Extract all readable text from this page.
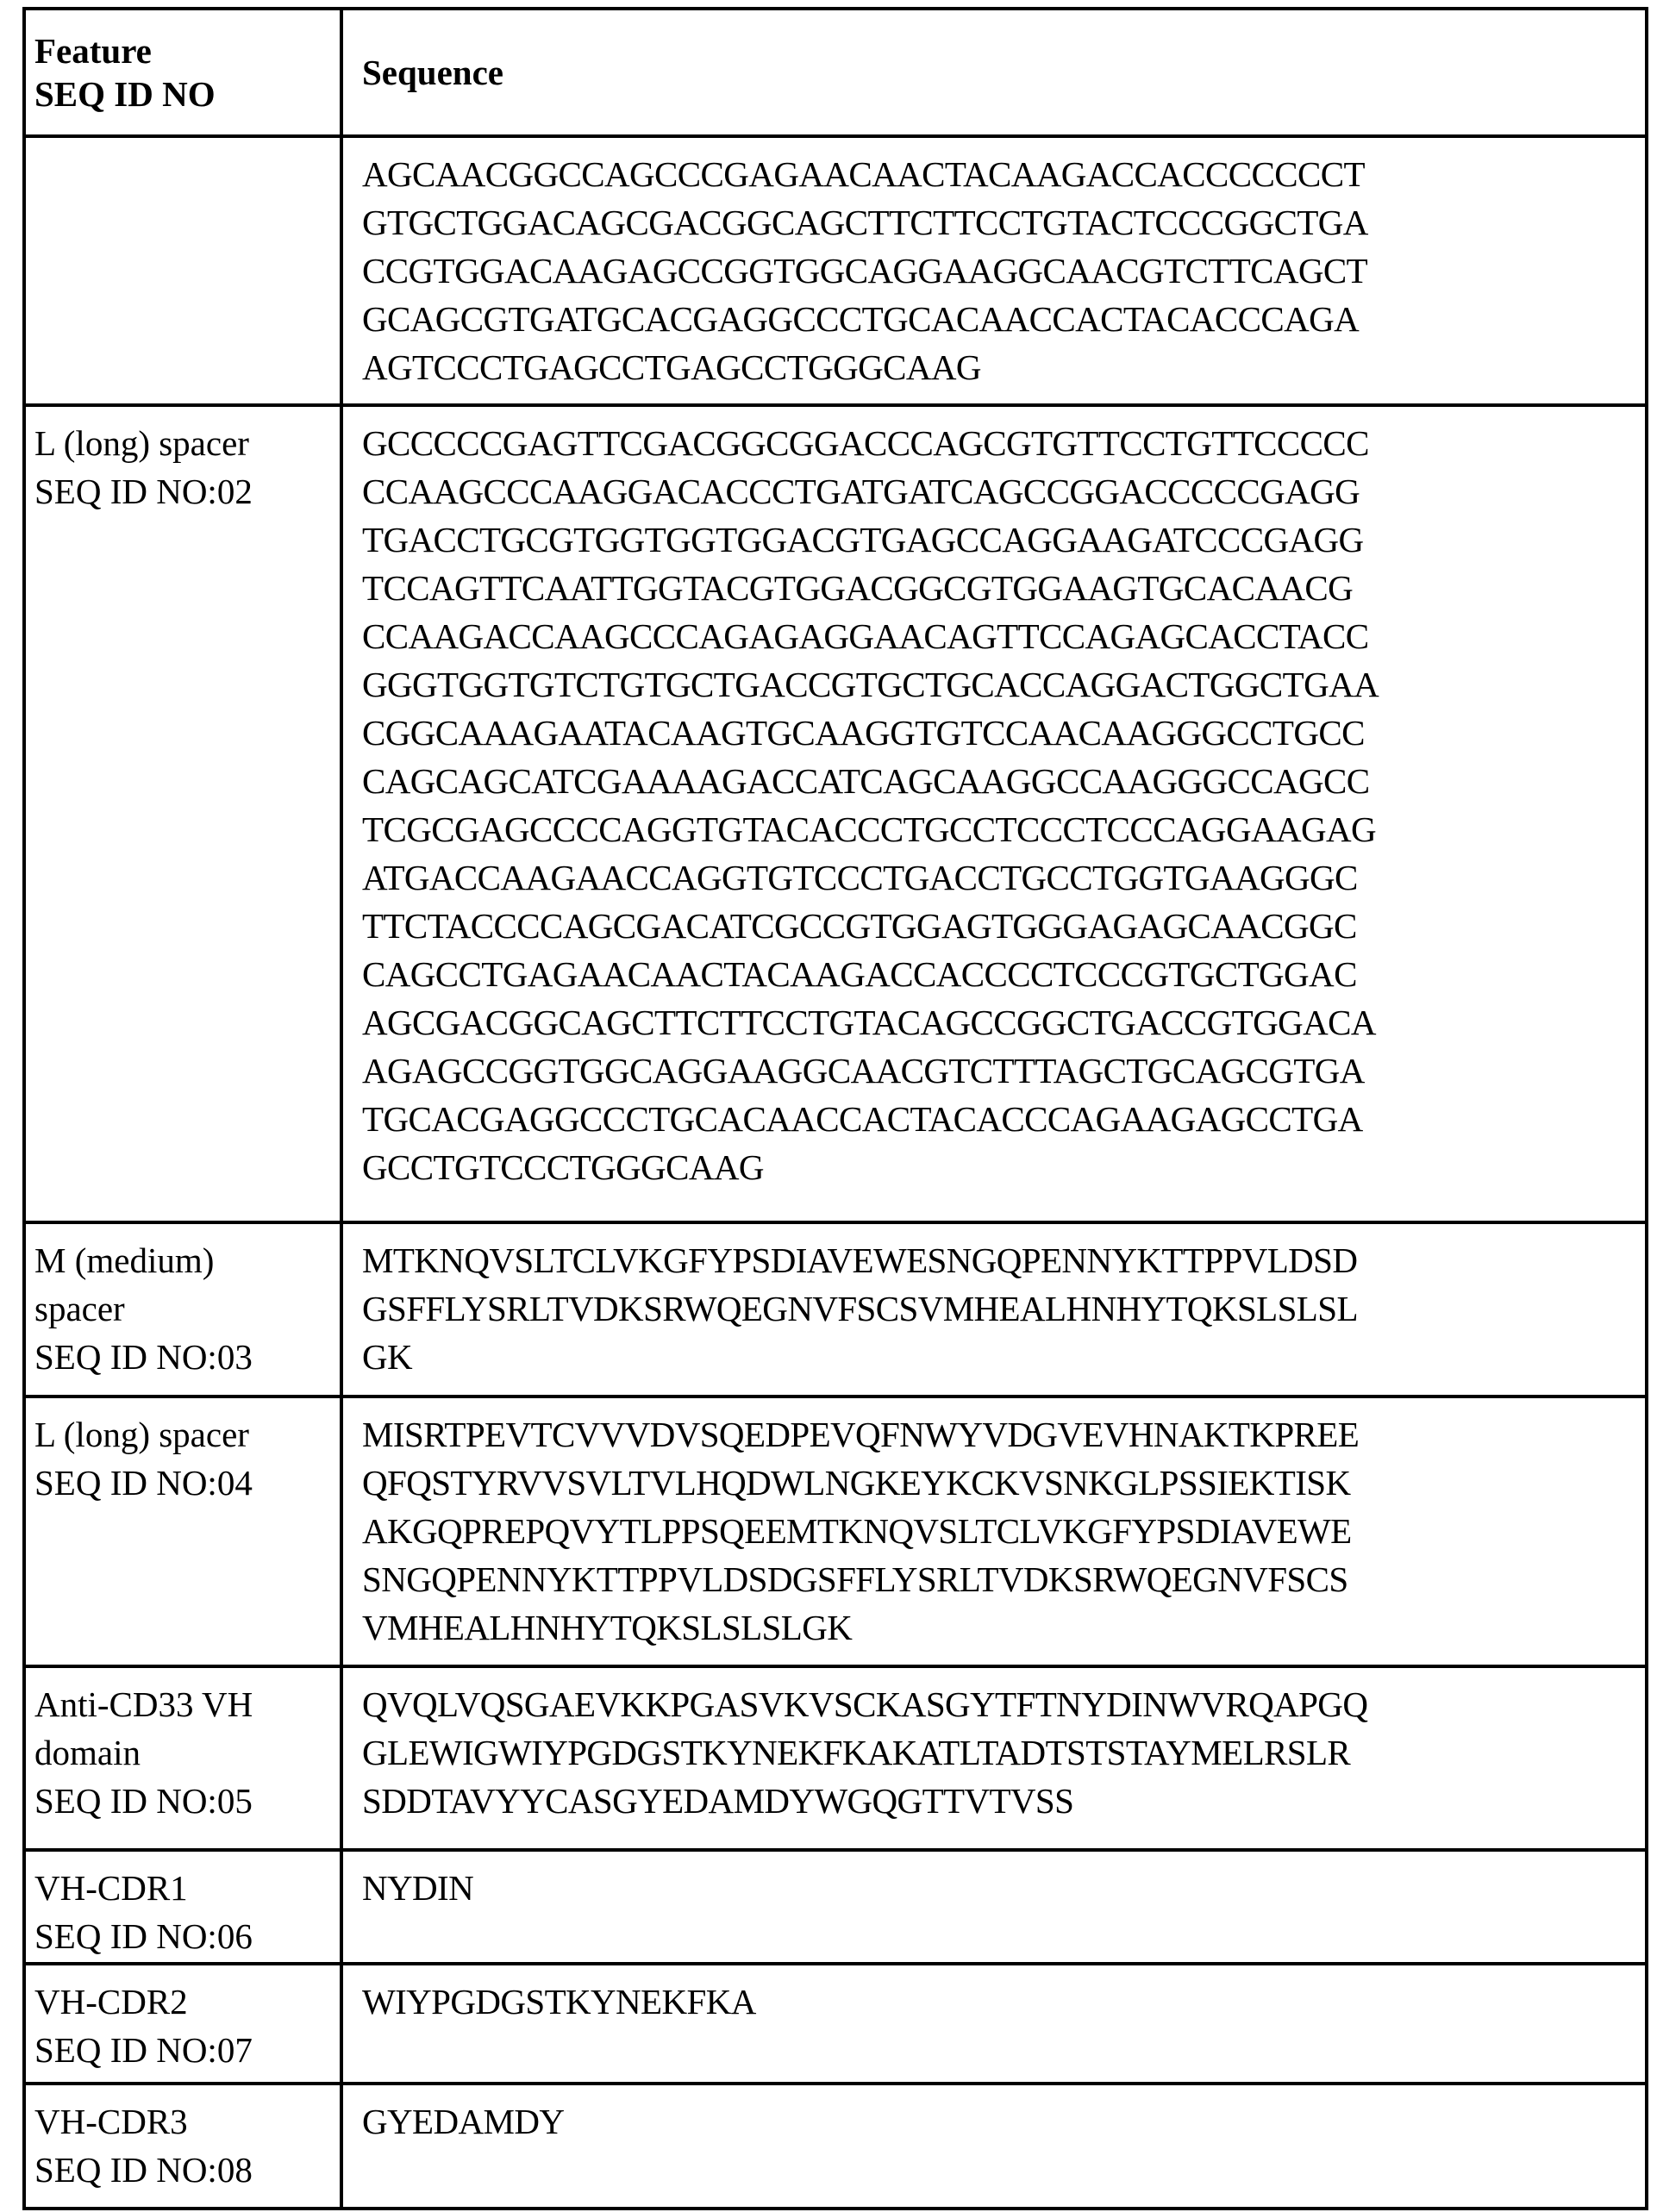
Feature
SEQ ID NO
	Sequence

AGCAACGGCCAGCCCGAGAACAACTACAAGACCACCCCCCCT
GTGCTGGACAGCGACGGCAGCTTCTTCCTGTACTCCCGGCTGA
CCGTGGACAAGAGCCGGTGGCAGGAAGGCAACGTCTTCAGCT
GCAGCGTGATGCACGAGGCCCTGCACAACCACTACACCCAGA
AGTCCCTGAGCCTGAGCCTGGGCAAG

L (long) spacer
SEQ ID NO:02

GCCCCCGAGTTCGACGGCGGACCCAGCGTGTTCCTGTTCCCCC
CCAAGCCCAAGGACACCCTGATGATCAGCCGGACCCCCGAGG
TGACCTGCGTGGTGGTGGACGTGAGCCAGGAAGATCCCGAGG
TCCAGTTCAATTGGTACGTGGACGGCGTGGAAGTGCACAACG
CCAAGACCAAGCCCAGAGAGGAACAGTTCCAGAGCACCTACC
GGGTGGTGTCTGTGCTGACCGTGCTGCACCAGGACTGGCTGAA
CGGCAAAGAATACAAGTGCAAGGTGTCCAACAAGGGCCTGCC
CAGCAGCATCGAAAAGACCATCAGCAAGGCCAAGGGCCAGCC
TCGCGAGCCCCAGGTGTACACCCTGCCTCCCTCCCAGGAAGAG
ATGACCAAGAACCAGGTGTCCCTGACCTGCCTGGTGAAGGGC
TTCTACCCCAGCGACATCGCCGTGGAGTGGGAGAGCAACGGC
CAGCCTGAGAACAACTACAAGACCACCCCTCCCGTGCTGGAC
AGCGACGGCAGCTTCTTCCTGTACAGCCGGCTGACCGTGGACA
AGAGCCGGTGGCAGGAAGGCAACGTCTTTAGCTGCAGCGTGA
TGCACGAGGCCCTGCACAACCACTACACCCAGAAGAGCCTGA
GCCTGTCCCTGGGCAAG

M (medium)
spacer
SEQ ID NO:03

MTKNQVSLTCLVKGFYPSDIAVEWESNGQPENNYKTTPPVLDSD
GSFFLYSRLTVDKSRWQEGNVFSCSVMHEALHNHYTQKSLSLSL
GK

L (long) spacer
SEQ ID NO:04

MISRTPEVTCVVVDVSQEDPEVQFNWYVDGVEVHNAKTKPREE
QFQSTYRVVSVLTVLHQDWLNGKEYKCKVSNKGLPSSIEKTISK
AKGQPREPQVYTLPPSQEEMTKNQVSLTCLVKGFYPSDIAVEWE
SNGQPENNYKTTPPVLDSDGSFFLYSRLTVDKSRWQEGNVFSCS
VMHEALHNHYTQKSLSLSLGK

Anti-CD33 VH
domain
SEQ ID NO:05

QVQLVQSGAEVKKPGASVKVSCKASGYTFTNYDINWVRQAPGQ
GLEWIGWIYPGDGSTKYNEKFKAKATLTADTSTSTAYMELRSLR
SDDTAVYYCASGYEDAMDYWGQGTTVTVSS

VH-CDR1
SEQ ID NO:06

NYDIN

VH-CDR2
SEQ ID NO:07

WIYPGDGSTKYNEKFKA

VH-CDR3
SEQ ID NO:08

GYEDAMDY
